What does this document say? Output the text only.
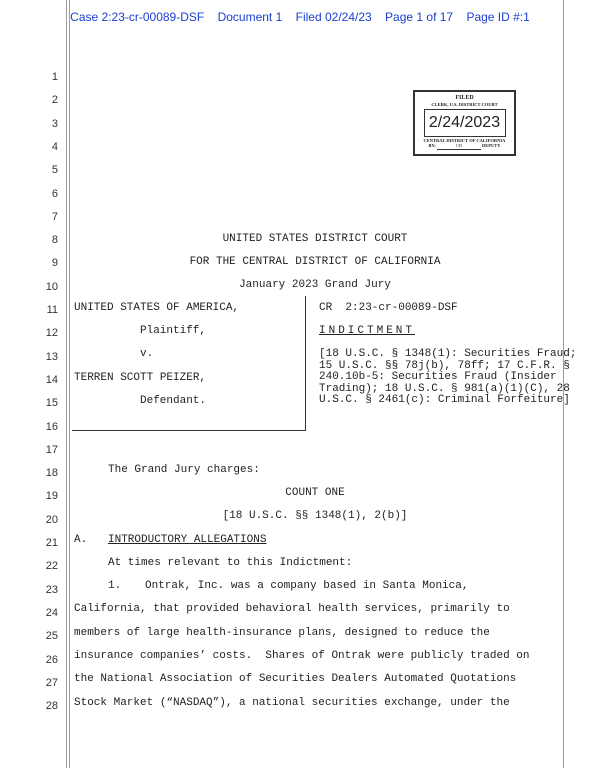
Case 2:23-cr-00089-DSF Document 1 Filed 02/24/23 Page 1 of 17 Page ID #:1
1
2
3
4
5
6
7
8
9
10
11
12
13
14
15
16
17
18
19
20
21
22
23
24
25
26
27
28
FILED
CLERK, U.S. DISTRICT COURT
2/24/2023
CENTRAL DISTRICT OF CALIFORNIA
BY:	CD	DEPUTY
UNITED STATES DISTRICT COURT
FOR THE CENTRAL DISTRICT OF CALIFORNIA
January 2023 Grand Jury
UNITED STATES OF AMERICA,
Plaintiff,
v.
TERREN SCOTT PEIZER,
Defendant.
CR  2:23-cr-00089-DSF
INDICTMENT
[18 U.S.C. § 1348(1): Securities Fraud; 15 U.S.C. §§ 78j(b), 78ff; 17 C.F.R. § 240.10b-5: Securities Fraud (Insider Trading); 18 U.S.C. § 981(a)(1)(C), 28 U.S.C. § 2461(c): Criminal Forfeiture]
The Grand Jury charges:
COUNT ONE
[18 U.S.C. §§ 1348(1), 2(b)]
A. INTRODUCTORY ALLEGATIONS
At times relevant to this Indictment:
1. Ontrak, Inc. was a company based in Santa Monica,
California, that provided behavioral health services, primarily to
members of large health-insurance plans, designed to reduce the
insurance companies’ costs.  Shares of Ontrak were publicly traded on
the National Association of Securities Dealers Automated Quotations
Stock Market (“NASDAQ”), a national securities exchange, under the
